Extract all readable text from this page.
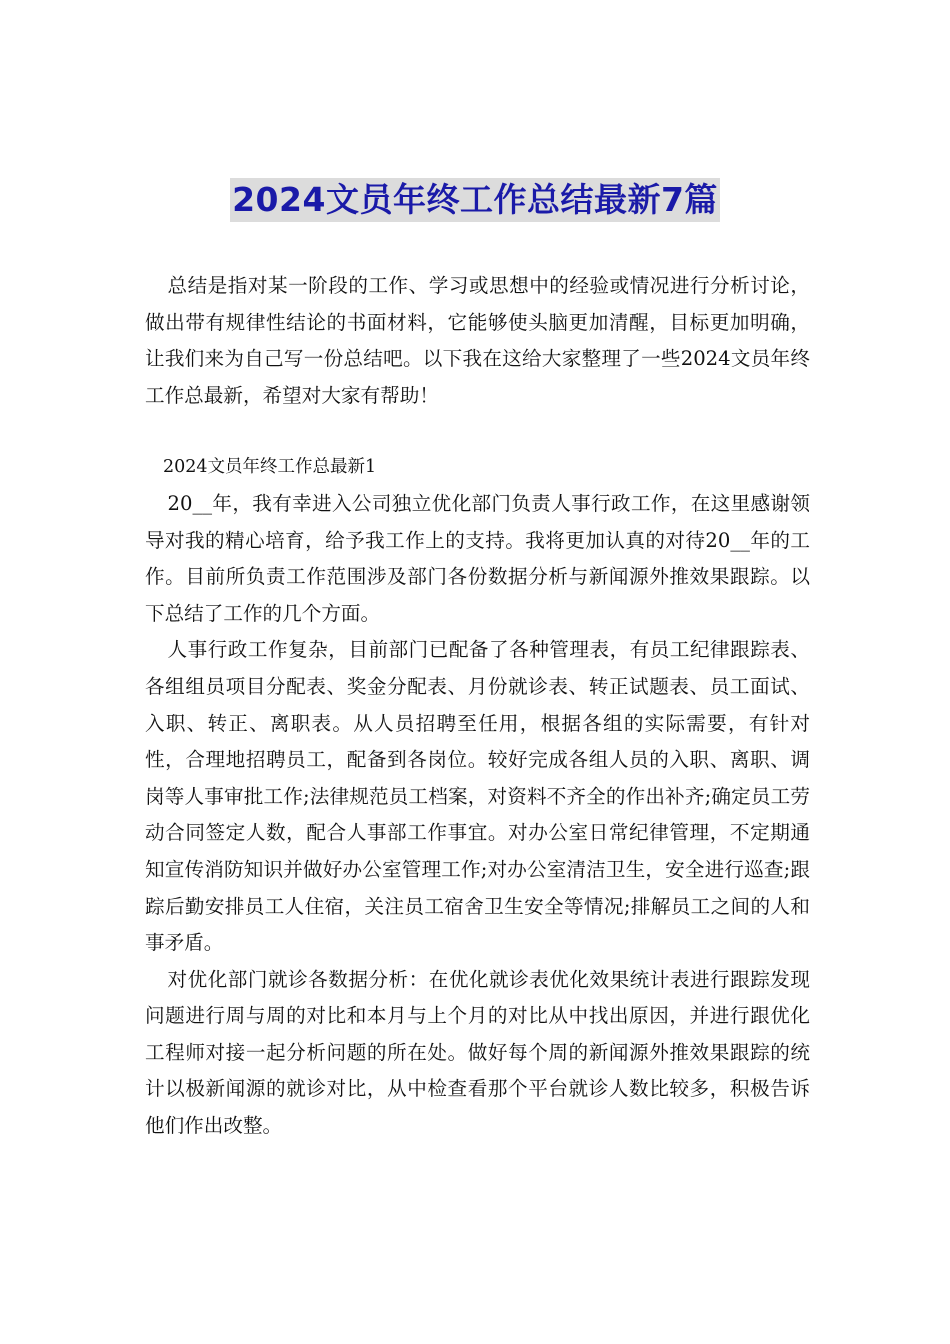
2024文员年终工作总结最新7篇

总结是指对某一阶段的工作、学习或思想中的经验或情况进行分析讨论，做出带有规律性结论的书面材料，它能够使头脑更加清醒，目标更加明确，让我们来为自己写一份总结吧。以下我在这给大家整理了一些2024文员年终工作总最新，希望对大家有帮助！

2024文员年终工作总最新1

20__年，我有幸进入公司独立优化部门负责人事行政工作，在这里感谢领导对我的精心培育，给予我工作上的支持。我将更加认真的对待20__年的工作。目前所负责工作范围涉及部门各份数据分析与新闻源外推效果跟踪。以下总结了工作的几个方面。

人事行政工作复杂，目前部门已配备了各种管理表，有员工纪律跟踪表、各组组员项目分配表、奖金分配表、月份就诊表、转正试题表、员工面试、入职、转正、离职表。从人员招聘至任用，根据各组的实际需要，有针对性，合理地招聘员工，配备到各岗位。较好完成各组人员的入职、离职、调岗等人事审批工作;法律规范员工档案，对资料不齐全的作出补齐;确定员工劳动合同签定人数，配合人事部工作事宜。对办公室日常纪律管理，不定期通知宣传消防知识并做好办公室管理工作;对办公室清洁卫生，安全进行巡查;跟踪后勤安排员工人住宿，关注员工宿舍卫生安全等情况;排解员工之间的人和事矛盾。

对优化部门就诊各数据分析：在优化就诊表优化效果统计表进行跟踪发现问题进行周与周的对比和本月与上个月的对比从中找出原因，并进行跟优化工程师对接一起分析问题的所在处。做好每个周的新闻源外推效果跟踪的统计以极新闻源的就诊对比，从中检查看那个平台就诊人数比较多，积极告诉他们作出改整。
